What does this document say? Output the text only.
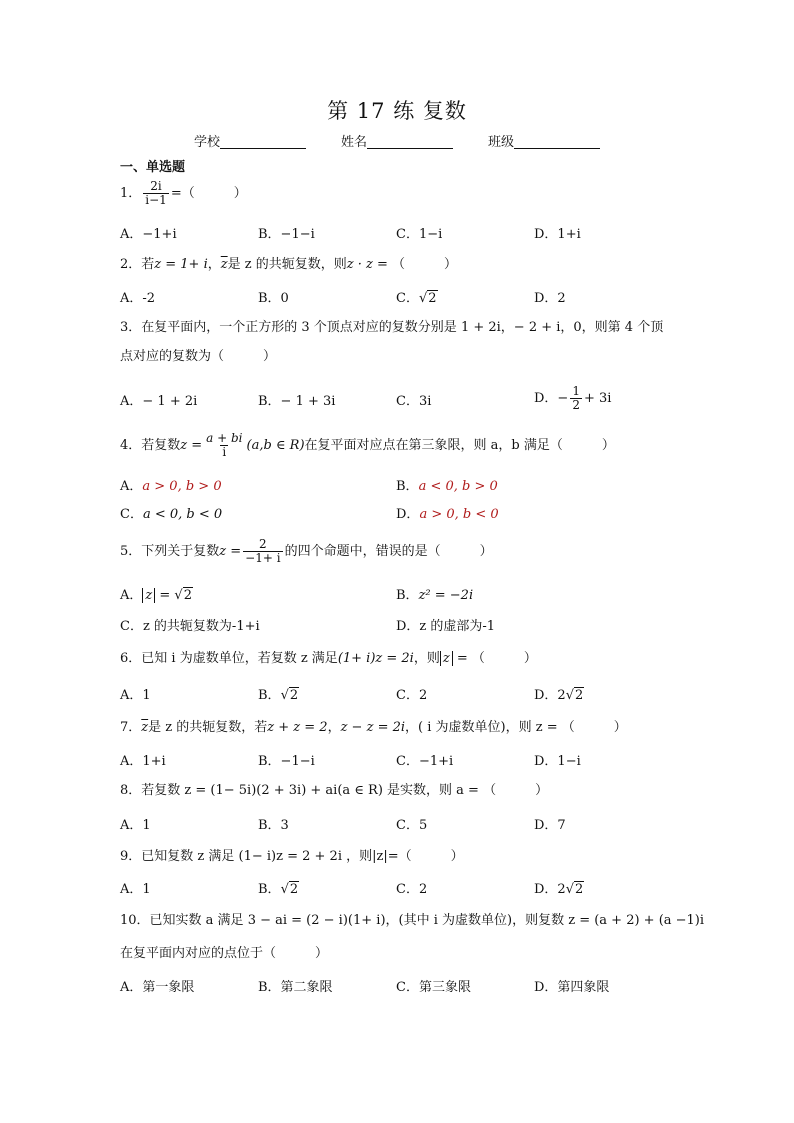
第 17 练 复数
学校	姓名	班级
一、单选题
1． $\frac{2i}{i-1}$ =（　　　）
A．−1+i	B．−1−i	C．1−i	D．1+i
2．若z = 1+ i，$\overline{z}$是 z 的共轭复数，则z · z = （　　　）
A．-2	B．0	C．√2	D．2
3．在复平面内，一个正方形的 3 个顶点对应的复数分别是 1 + 2i，− 2 + i，0，则第 4 个顶
点对应的复数为（　　　）
A．− 1 + 2i	B．− 1 + 3i	C．3i	D．− $\frac{1}{2} + 3i$
4．若复数$z = \frac{a + bi}{i} (a,b$ ∈ R)在复平面对应点在第三象限，则 a，b 满足（　　　）
A．a > 0, b > 0	B．a < 0, b > 0
C．a < 0, b < 0	D．a > 0, b < 0
5．下列关于复数$z = \frac{2}{-1+ i}$ 的四个命题中，错误的是（　　　）
A． z = √2	B．z² = −2i
C．z 的共轭复数为-1+i	D．z 的虚部为-1
6．已知 i 为虚数单位，若复数 z 满足(1+ i)z = 2i，则 z = （　　　）
A．1	B．√2	C．2	D．2√2
7．$\overline{z}$是 z 的共轭复数，若z + z = 2，z − z = 2i，( i 为虚数单位)，则 z = （　　　）
A．1+i	B．−1−i	C．−1+i	D．1−i
8．若复数 z = (1− 5i)(2 + 3i) + ai(a ∈ R) 是实数，则 a = （　　　）
A．1	B．3	C．5	D．7
9．已知复数 z 满足 (1− i)z = 2 + 2i ，则|z|=（　　　）
A．1	B．√2	C．2	D．2√2
10．已知实数 a 满足 3 − ai = (2 − i)(1+ i)，(其中 i 为虚数单位)，则复数 z = (a + 2) + (a −1)i
在复平面内对应的点位于（　　　）
A．第一象限	B．第二象限	C．第三象限	D．第四象限
